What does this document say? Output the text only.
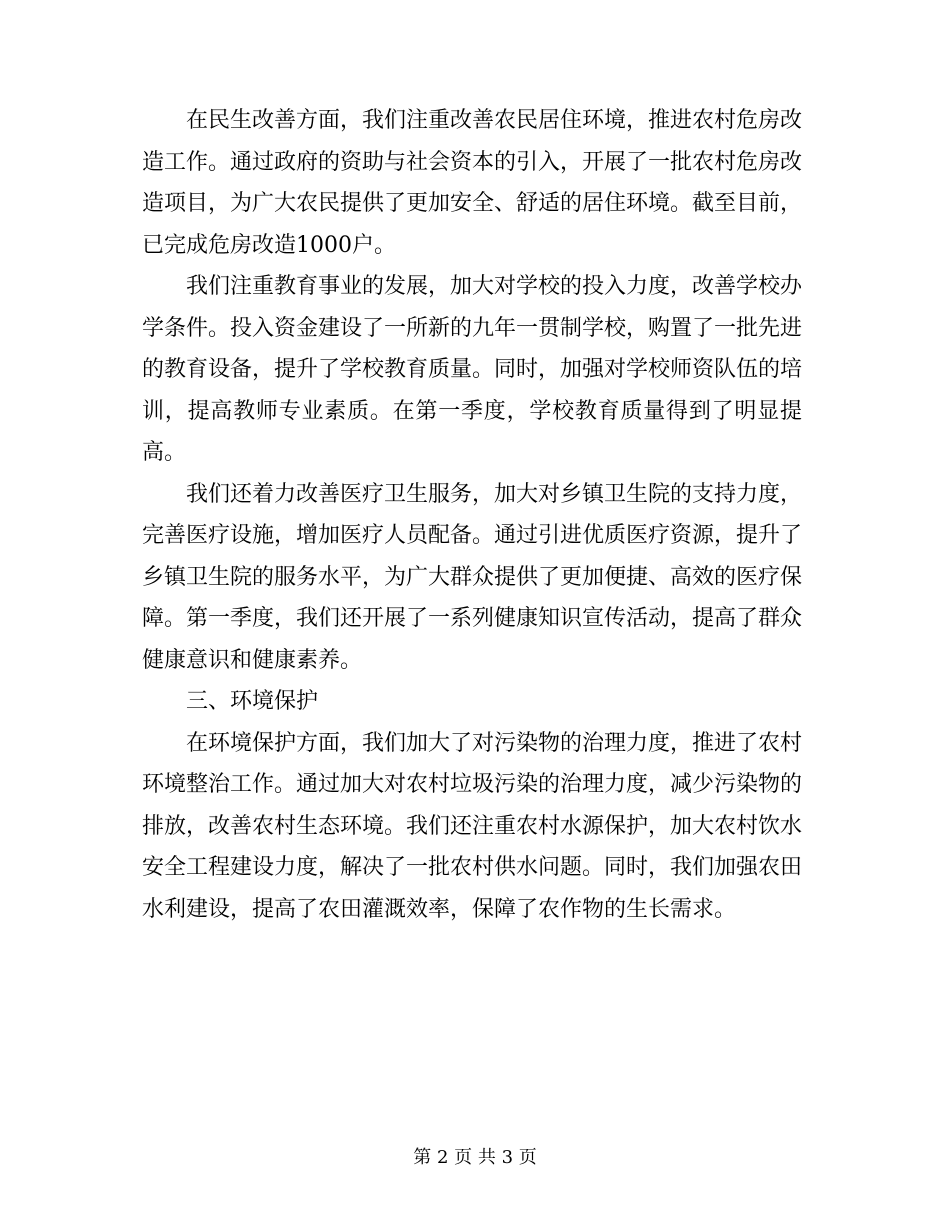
在民生改善方面，我们注重改善农民居住环境，推进农村危房改造工作。通过政府的资助与社会资本的引入，开展了一批农村危房改造项目，为广大农民提供了更加安全、舒适的居住环境。截至目前，已完成危房改造1000户。

我们注重教育事业的发展，加大对学校的投入力度，改善学校办学条件。投入资金建设了一所新的九年一贯制学校，购置了一批先进的教育设备，提升了学校教育质量。同时，加强对学校师资队伍的培训，提高教师专业素质。在第一季度，学校教育质量得到了明显提高。

我们还着力改善医疗卫生服务，加大对乡镇卫生院的支持力度，完善医疗设施，增加医疗人员配备。通过引进优质医疗资源，提升了乡镇卫生院的服务水平，为广大群众提供了更加便捷、高效的医疗保障。第一季度，我们还开展了一系列健康知识宣传活动，提高了群众健康意识和健康素养。

三、环境保护

在环境保护方面，我们加大了对污染物的治理力度，推进了农村环境整治工作。通过加大对农村垃圾污染的治理力度，减少污染物的排放，改善农村生态环境。我们还注重农村水源保护，加大农村饮水安全工程建设力度，解决了一批农村供水问题。同时，我们加强农田水利建设，提高了农田灌溉效率，保障了农作物的生长需求。

第 2 页 共 3 页
